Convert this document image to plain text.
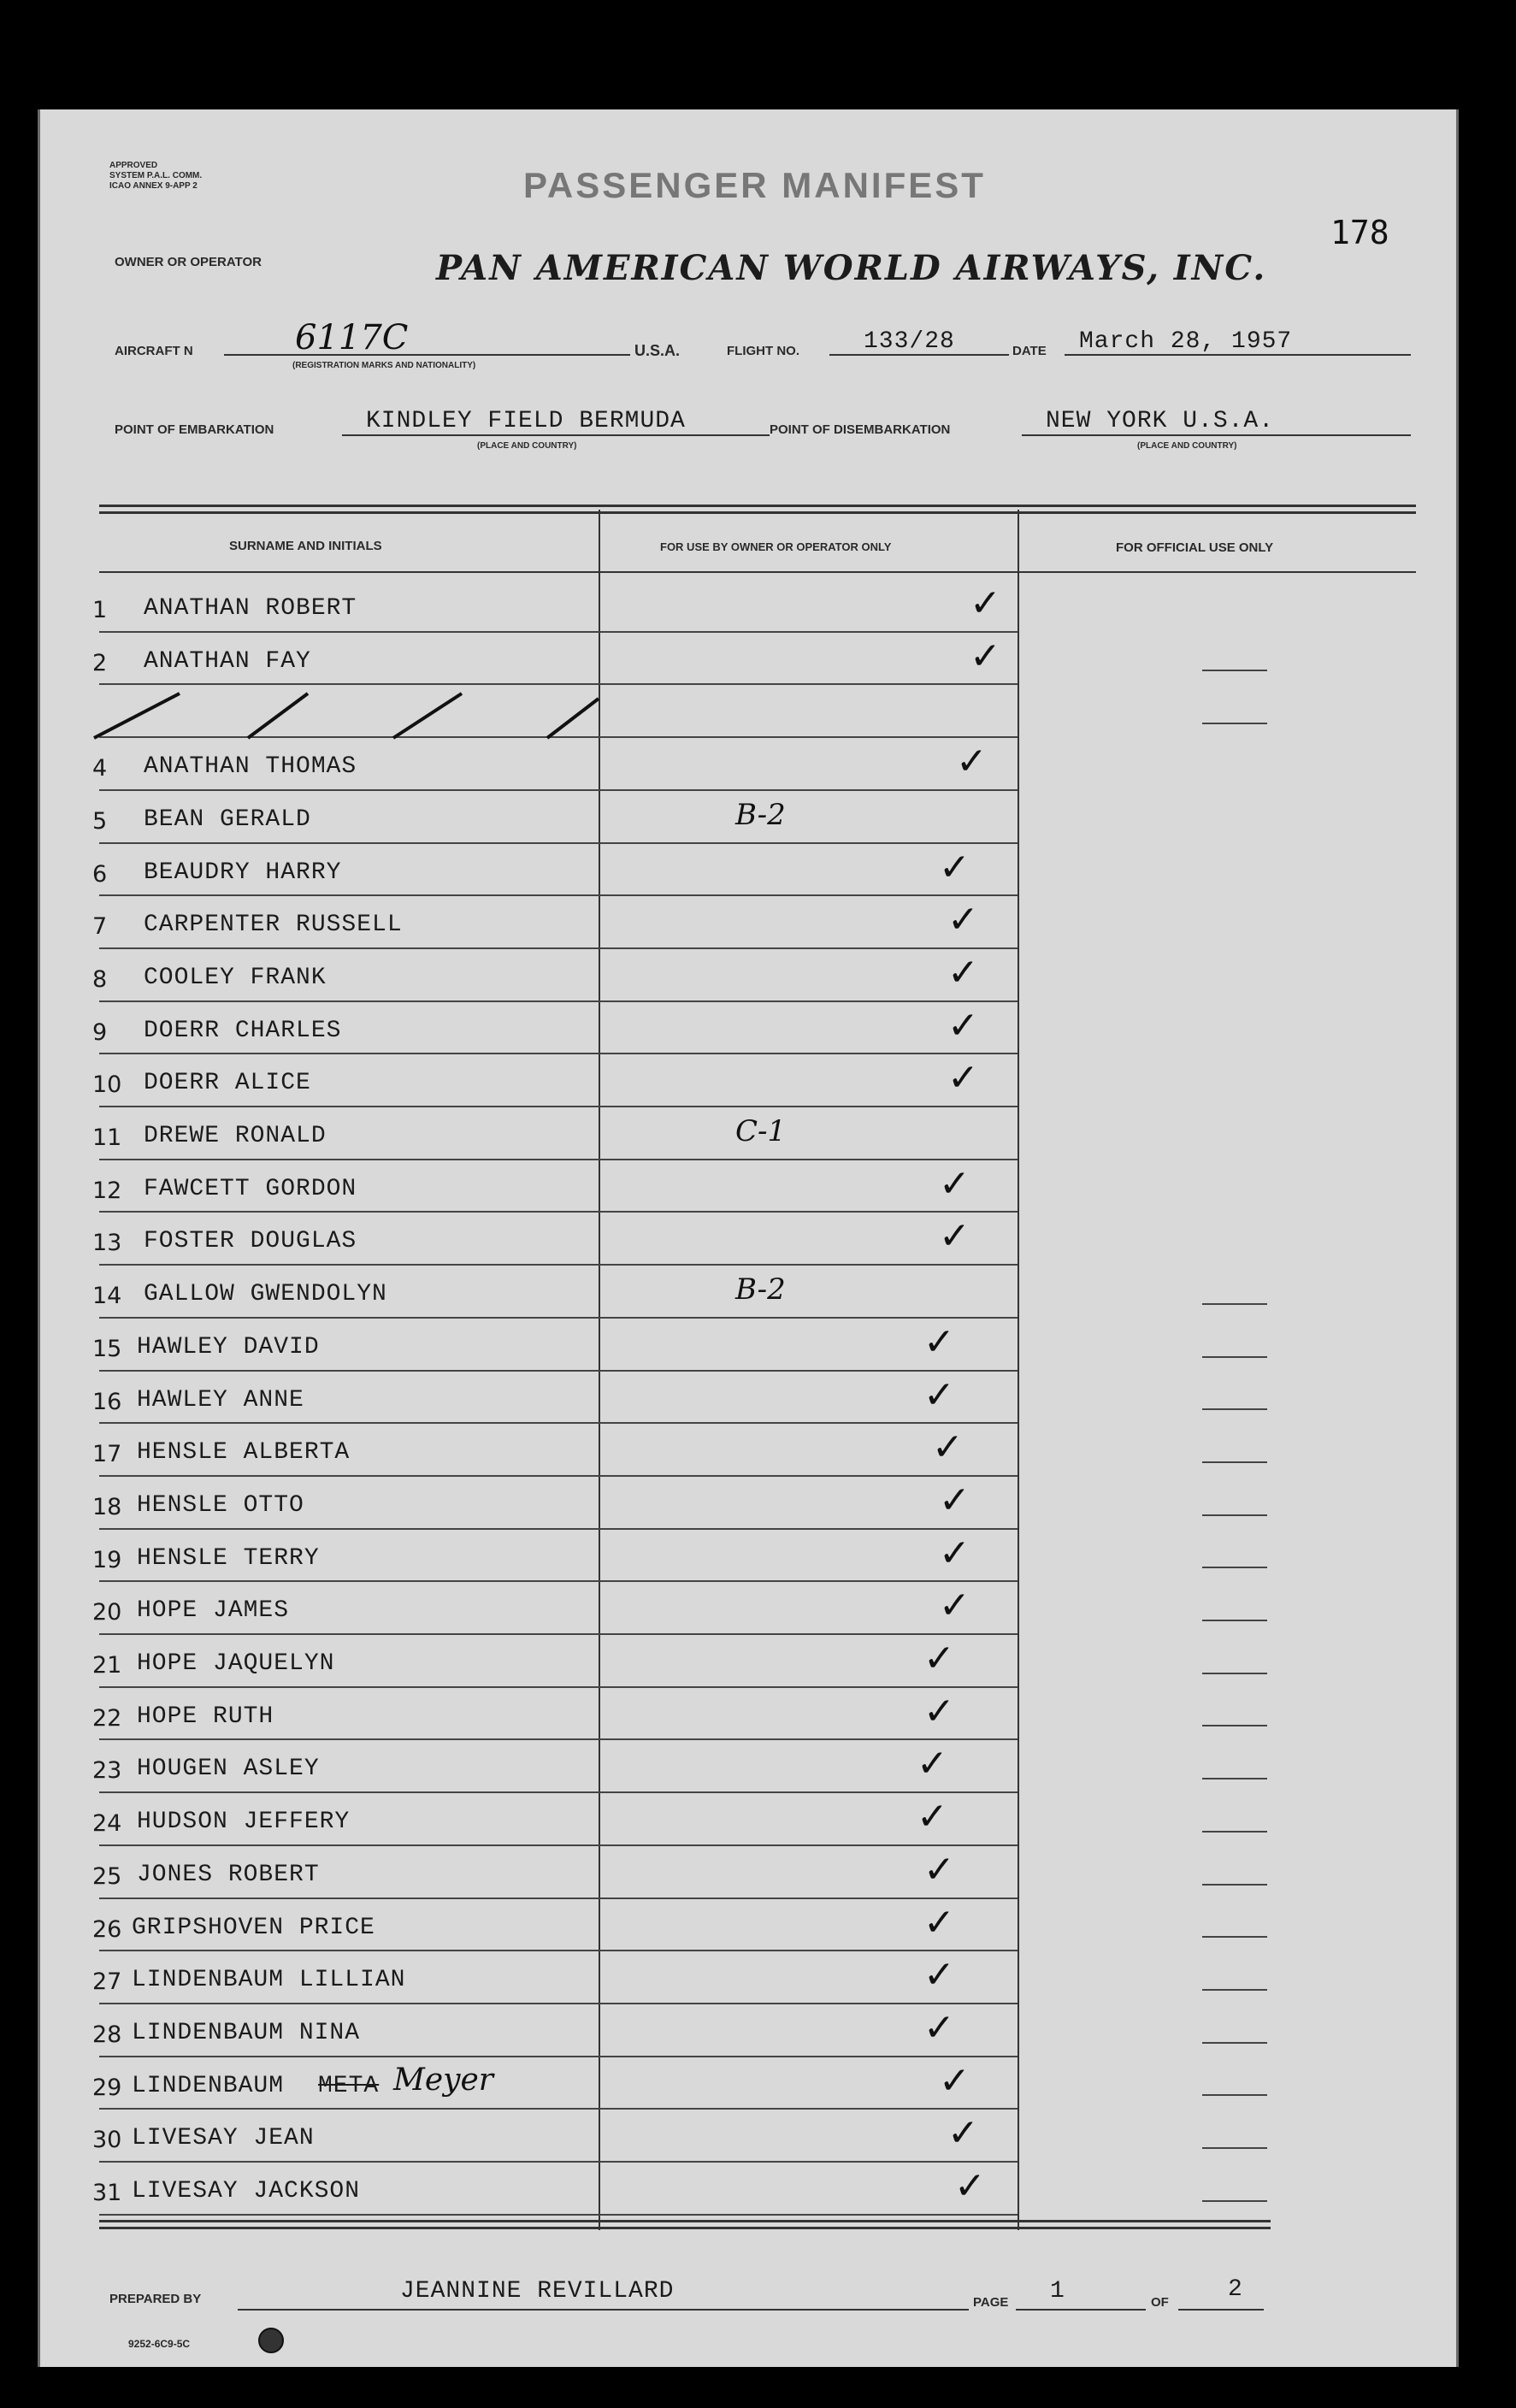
APPROVED
SYSTEM P.A.L. COMM.
ICAO ANNEX 9-APP 2	PASSENGER MANIFEST
178
OWNER OR OPERATOR	PAN AMERICAN WORLD AIRWAYS, INC.
AIRCRAFT N	6117C
(REGISTRATION MARKS AND NATIONALITY)
U.S.A.	FLIGHT NO.	133/28	DATE March 28, 1957
POINT OF EMBARKATION	KINDLEY FIELD BERMUDA
(PLACE AND COUNTRY)
POINT OF DISEMBARKATION	NEW YORK U.S.A.
(PLACE AND COUNTRY)
SURNAME AND INITIALS	FOR USE BY OWNER OR OPERATOR ONLY	FOR OFFICIAL USE ONLY
1 ANATHAN ROBERT	✓
2 ANATHAN FAY	✓
4 ANATHAN THOMAS	✓
5 BEAN GERALD	B-2
6 BEAUDRY HARRY	✓
7 CARPENTER RUSSELL	✓
8 COOLEY FRANK	✓
9 DOERR CHARLES	✓
10 DOERR ALICE	✓
11 DREWE RONALD	C-1
12 FAWCETT GORDON	✓
13 FOSTER DOUGLAS	✓
14 GALLOW GWENDOLYN	B-2
15 HAWLEY DAVID	✓
16 HAWLEY ANNE	✓
17 HENSLE ALBERTA	✓
18 HENSLE OTTO	✓
19 HENSLE TERRY	✓
20 HOPE JAMES	✓
21 HOPE JAQUELYN	✓
22 HOPE RUTH	✓
23 HOUGEN ASLEY	✓
24 HUDSON JEFFERY	✓
25 JONES ROBERT	✓
26 GRIPSHOVEN PRICE	✓
27 LINDENBAUM LILLIAN	✓
28 LINDENBAUM NINA	✓
29 LINDENBAUM META Meyer	✓
30 LIVESAY JEAN	✓
31 LIVESAY JACKSON	✓
PREPARED BY	JEANNINE REVILLARD	PAGE 1	OF 2
9252-6C9-5C
